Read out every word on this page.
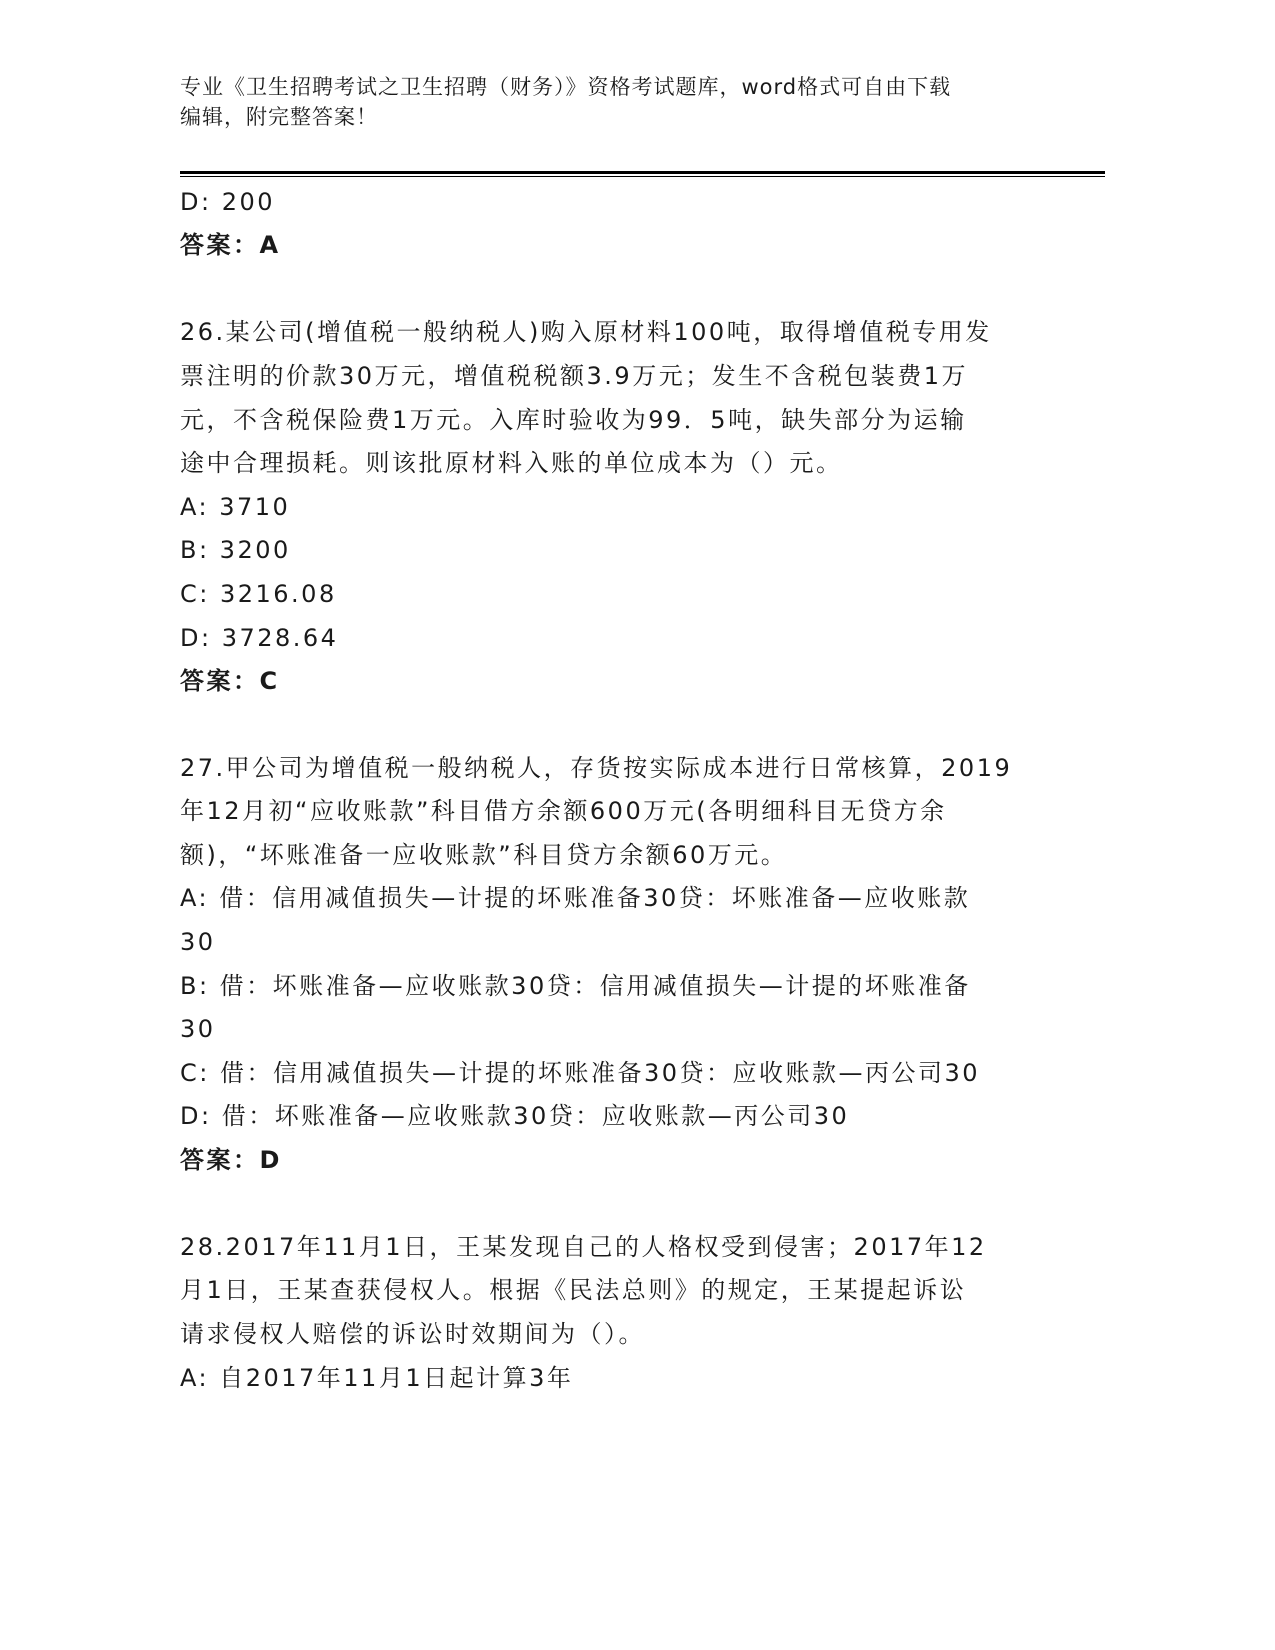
专业《卫生招聘考试之卫生招聘（财务）》资格考试题库，word格式可自由下载
编辑，附完整答案！
D: 200
答案：A
26.某公司(增值税一般纳税人)购入原材料100吨，取得增值税专用发
票注明的价款30万元，增值税税额3.9万元；发生不含税包装费1万
元，不含税保险费1万元。入库时验收为99．5吨，缺失部分为运输
途中合理损耗。则该批原材料入账的单位成本为（）元。
A: 3710
B: 3200
C: 3216.08
D: 3728.64
答案：C
27.甲公司为增值税一般纳税人，存货按实际成本进行日常核算，2019
年12月初“应收账款”科目借方余额600万元(各明细科目无贷方余
额)，“坏账准备一应收账款”科目贷方余额60万元。
A: 借：信用减值损失—计提的坏账准备30贷：坏账准备—应收账款
30
B: 借：坏账准备—应收账款30贷：信用减值损失—计提的坏账准备
30
C: 借：信用减值损失—计提的坏账准备30贷：应收账款—丙公司30
D: 借：坏账准备—应收账款30贷：应收账款—丙公司30
答案：D
28.2017年11月1日，王某发现自己的人格权受到侵害；2017年12
月1日，王某查获侵权人。根据《民法总则》的规定，王某提起诉讼
请求侵权人赔偿的诉讼时效期间为（）。
A: 自2017年11月1日起计算3年
